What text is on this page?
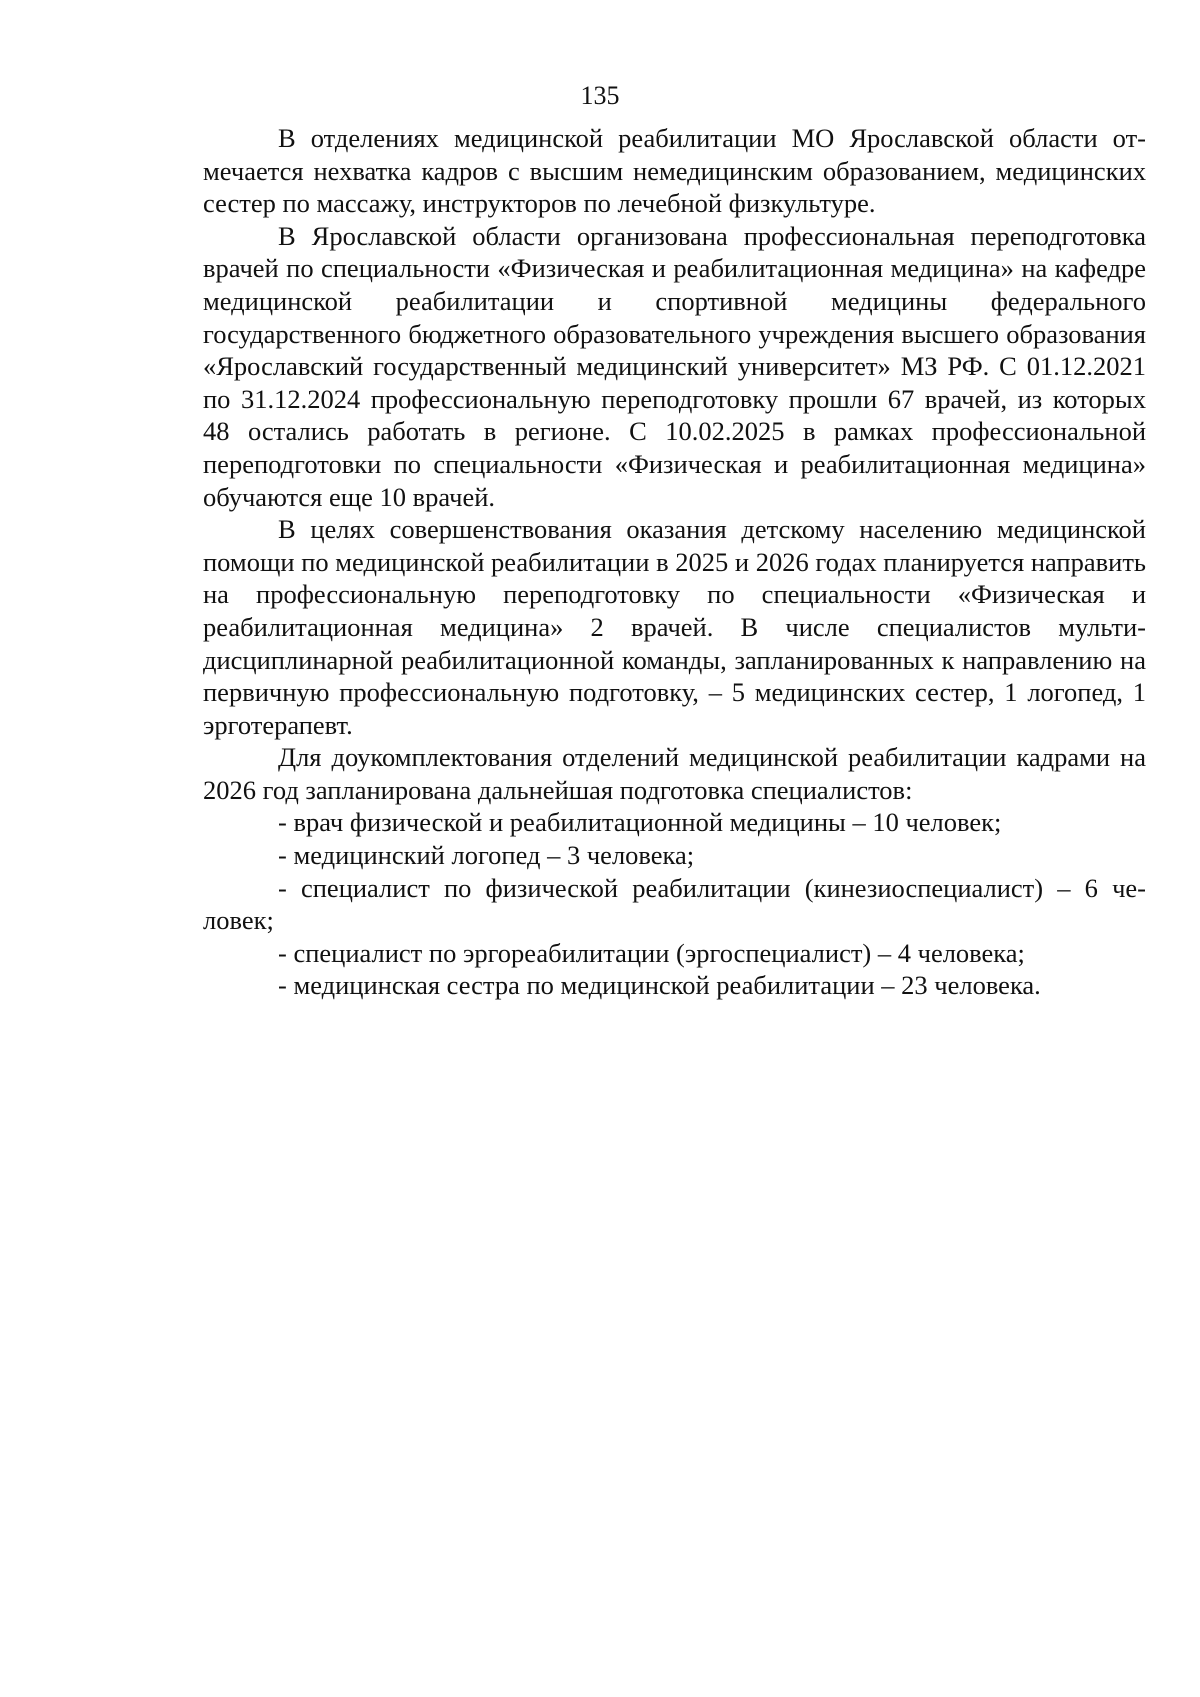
135

В отделениях медицинской реабилитации МО Ярославской области отмечается нехватка кадров с высшим немедицинским образованием, медицинских сестер по массажу, инструкторов по лечебной физкультуре.

В Ярославской области организована профессиональная переподготовка врачей по специальности «Физическая и реабилитационная медицина» на кафедре медицинской реабилитации и спортивной медицины федерального государственного бюджетного образовательного учреждения высшего образования «Ярославский государственный медицинский университет» МЗ РФ. С 01.12.2021 по 31.12.2024 профессиональную переподготовку прошли 67 врачей, из которых 48 остались работать в регионе. С 10.02.2025 в рамках профессиональной переподготовки по специальности «Физическая и реабилитационная медицина» обучаются еще 10 врачей.

В целях совершенствования оказания детскому населению медицинской помощи по медицинской реабилитации в 2025 и 2026 годах планируется направить на профессиональную переподготовку по специальности «Физическая и реабилитационная медицина» 2 врачей. В числе специалистов мультидисциплинарной реабилитационной команды, запланированных к направлению на первичную профессиональную подготовку, – 5 медицинских сестер, 1 логопед, 1 эрготерапевт.

Для доукомплектования отделений медицинской реабилитации кадрами на 2026 год запланирована дальнейшая подготовка специалистов:

- врач физической и реабилитационной медицины – 10 человек;

- медицинский логопед – 3 человека;

- специалист по физической реабилитации (кинезиоспециалист) – 6 человек;

- специалист по эргореабилитации (эргоспециалист) – 4 человека;

- медицинская сестра по медицинской реабилитации – 23 человека.
